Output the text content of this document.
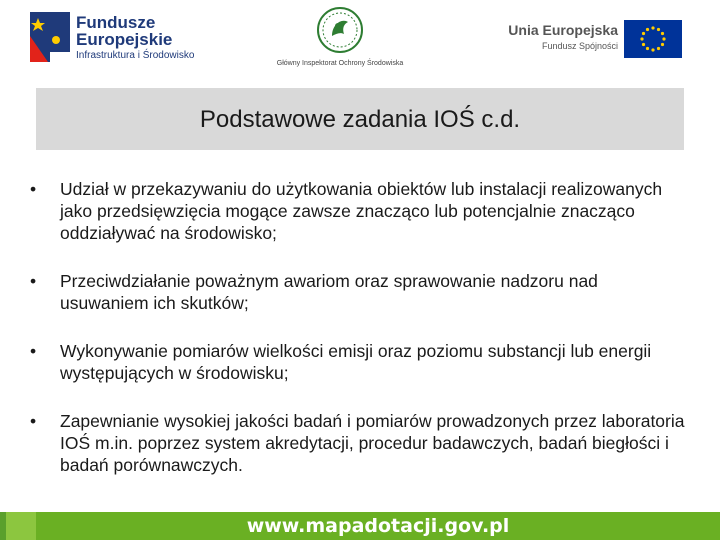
Fundusze
Europejskie
Infrastruktura i Środowisko
Główny Inspektorat Ochrony Środowiska
Unia Europejska
Fundusz Spójności
Podstawowe zadania IOŚ c.d.
• Udział w przekazywaniu do użytkowania obiektów lub instalacji realizowanych jako przedsięwzięcia mogące zawsze znacząco lub potencjalnie znacząco oddziaływać na środowisko;
• Przeciwdziałanie poważnym awariom oraz sprawowanie nadzoru nad usuwaniem ich skutków;
• Wykonywanie pomiarów wielkości emisji oraz poziomu substancji lub energii występujących w środowisku;
• Zapewnianie wysokiej jakości badań i pomiarów prowadzonych przez laboratoria IOŚ m.in. poprzez system akredytacji, procedur badawczych, badań biegłości i badań porównawczych.
www.mapadotacji.gov.pl
